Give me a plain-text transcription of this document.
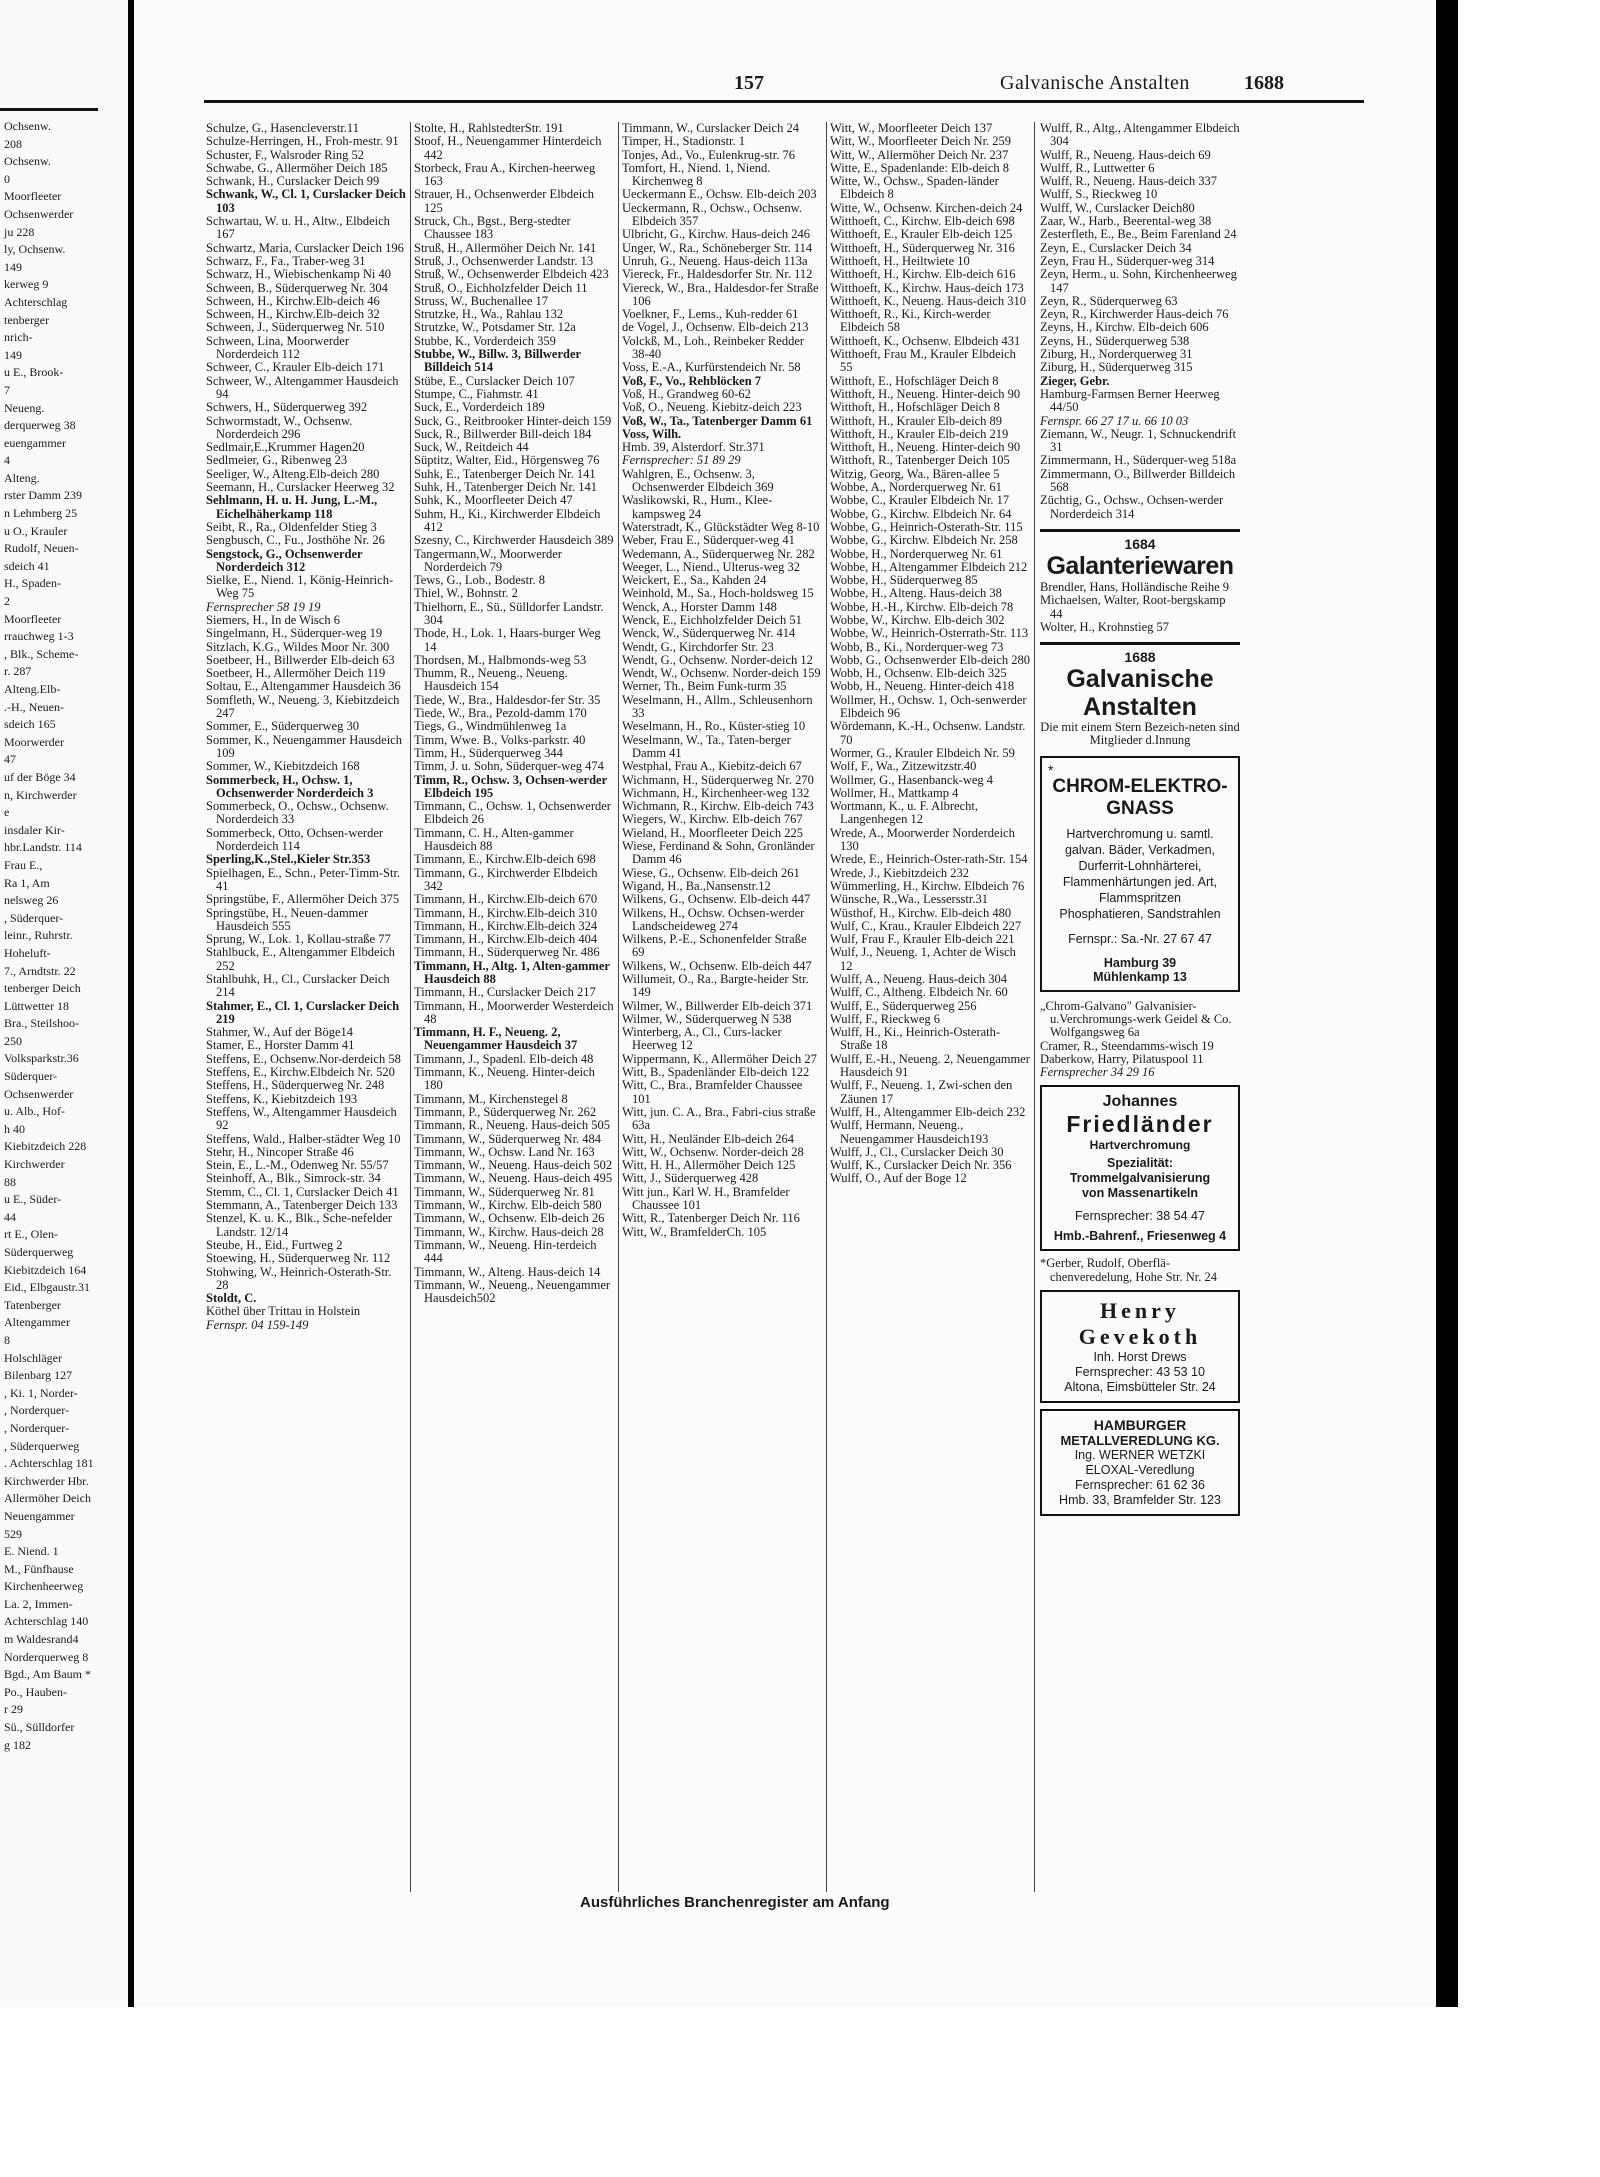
Ochsenw.
208
Ochsenw.
0
Moorfleeter
Ochsenwerder
ju 228
ly, Ochsenw.
149
kerweg 9
Achterschlag
tenberger
nrich-
149
u E., Brook-
7
Neueng.
derquerweg 38
euengammer
4
Alteng.
rster Damm 239
n Lehmberg 25
u O., Krauler
Rudolf, Neuen-
sdeich 41
H., Spaden-
2
Moorfleeter
rrauchweg 1-3
, Blk., Scheme-
r. 287
Alteng.Elb-
.-H., Neuen-
sdeich 165
Moorwerder
47
uf der Böge 34
n, Kirchwerder
e
insdaler Kir-
hbr.Landstr. 114
Frau E.,
Ra 1, Am
nelsweg 26
, Süderquer-
leinr., Ruhrstr.
Hoheluft-
7., Arndtstr. 22
tenberger Deich
Lüttwetter 18
Bra., Steilshoo-
250
Volksparkstr.36
Süderquer-
Ochsenwerder
u. Alb., Hof-
h 40
Kiebitzdeich 228
Kirchwerder
88
u E., Süder-
44
rt E., Olen-
Süderquerweg
Kiebitzdeich 164
Eid., Elbgaustr.31
Tatenberger
Altengammer
8
Holschläger
Bilenbarg 127
, Ki. 1, Norder-
, Norderquer-
, Norderquer-
, Süderquerweg
. Achterschlag 181
Kirchwerder Hbr.
Allermöher Deich
Neuengammer
529
E. Niend. 1
M., Fünfhause
Kirchenheerweg
La. 2, Immen-
Achterschlag 140
m Waldesrand4
Norderquerweg 8
Bgd., Am Baum *
Po., Hauben-
r 29
Sü., Sülldorfer
g 182
157	Galvanische Anstalten	1688
Schulze, G., Hasencleverstr.11
Schulze-Herringen, H., Froh-mestr. 91
Schuster, F., Walsroder Ring 52
Schwabe, G., Allermöher Deich 185
Schwank, H., Curslacker Deich 99
Schwank, W., Cl. 1, Curslacker Deich 103
Schwartau, W. u. H., Altw., Elbdeich 167
Schwartz, Maria, Curslacker Deich 196
Schwarz, F., Fa., Traber-weg 31
Schwarz, H., Wiebischenkamp Ni 40
Schween, B., Süderquerweg Nr. 304
Schween, H., Kirchw.Elb-deich 46
Schween, H., Kirchw.Elb-deich 32
Schween, J., Süderquerweg Nr. 510
Schween, Lina, Moorwerder Norderdeich 112
Schweer, C., Krauler Elb-deich 171
Schweer, W., Altengammer Hausdeich 94
Schwers, H., Süderquerweg 392
Schwormstadt, W., Ochsenw. Norderdeich 296
Sedlmair,E.,Krummer Hagen20
Sedlmeier, G., Ribenweg 23
Seeliger, W., Alteng.Elb-deich 280
Seemann, H., Curslacker Heerweg 32
Sehlmann, H. u. H. Jung, L.-M., Eichelhäherkamp 118
Seibt, R., Ra., Oldenfelder Stieg 3
Sengbusch, C., Fu., Josthöhe Nr. 26
Sengstock, G., Ochsenwerder Norderdeich 312
Sielke, E., Niend. 1, König-Heinrich-Weg 75
Fernsprecher 58 19 19
Siemers, H., In de Wisch 6
Singelmann, H., Süderquer-weg 19
Sitzlach, K.G., Wildes Moor Nr. 300
Soetbeer, H., Billwerder Elb-deich 63
Soetbeer, H., Allermöher Deich 119
Soltau, E., Altengammer Hausdeich 36
Somfleth, W., Neueng. 3, Kiebitzdeich 247
Sommer, E., Süderquerweg 30
Sommer, K., Neuengammer Hausdeich 109
Sommer, W., Kiebitzdeich 168
Sommerbeck, H., Ochsw. 1, Ochsenwerder Norderdeich 3
Sommerbeck, O., Ochsw., Ochsenw. Norderdeich 33
Sommerbeck, Otto, Ochsen-werder Norderdeich 114
Sperling,K.,Stel.,Kieler Str.353
Spielhagen, E., Schn., Peter-Timm-Str. 41
Springstübe, F., Allermöher Deich 375
Springstübe, H., Neuen-dammer Hausdeich 555
Sprung, W., Lok. 1, Kollau-straße 77
Stahlbuck, E., Altengammer Elbdeich 252
Stahlbuhk, H., Cl., Curslacker Deich 214
Stahmer, E., Cl. 1, Curslacker Deich 219
Stahmer, W., Auf der Böge14
Stamer, E., Horster Damm 41
Steffens, E., Ochsenw.Nor-derdeich 58
Steffens, E., Kirchw.Elbdeich Nr. 520
Steffens, H., Süderquerweg Nr. 248
Steffens, K., Kiebitzdeich 193
Steffens, W., Altengammer Hausdeich 92
Steffens, Wald., Halber-städter Weg 10
Stehr, H., Nincoper Straße 46
Stein, E., L.-M., Odenweg Nr. 55/57
Steinhoff, A., Blk., Simrock-str. 34
Stemm, C., Cl. 1, Curslacker Deich 41
Stemmann, A., Tatenberger Deich 133
Stenzel, K. u. K., Blk., Sche-nefelder Landstr. 12/14
Steube, H., Eid., Furtweg 2
Stoewing, H., Süderquerweg Nr. 112
Stohwing, W., Heinrich-Osterath-Str. 28
Stoldt, C.
Köthel über Trittau in Holstein
Fernspr. 04 159-149
Stolte, H., RahlstedterStr. 191
Stoof, H., Neuengammer Hinterdeich 442
Storbeck, Frau A., Kirchen-heerweg 163
Strauer, H., Ochsenwerder Elbdeich 125
Struck, Ch., Bgst., Berg-stedter Chaussee 183
Struß, H., Allermöher Deich Nr. 141
Struß, J., Ochsenwerder Landstr. 13
Struß, W., Ochsenwerder Elbdeich 423
Struß, O., Eichholzfelder Deich 11
Struss, W., Buchenallee 17
Strutzke, H., Wa., Rahlau 132
Strutzke, W., Potsdamer Str. 12a
Stubbe, K., Vorderdeich 359
Stubbe, W., Billw. 3, Billwerder Billdeich 514
Stübe, E., Curslacker Deich 107
Stumpe, C., Fiahmstr. 41
Suck, E., Vorderdeich 189
Suck, G., Reitbrooker Hinter-deich 159
Suck, R., Billwerder Bill-deich 184
Suck, W., Reitdeich 44
Süptitz, Walter, Eid., Hörgensweg 76
Suhk, E., Tatenberger Deich Nr. 141
Suhk, H., Tatenberger Deich Nr. 141
Suhk, K., Moorfleeter Deich 47
Suhm, H., Ki., Kirchwerder Elbdeich 412
Szesny, C., Kirchwerder Hausdeich 389
Tangermann,W., Moorwerder Norderdeich 79
Tews, G., Lob., Bodestr. 8
Thiel, W., Bohnstr. 2
Thielhorn, E., Sü., Sülldorfer Landstr. 304
Thode, H., Lok. 1, Haars-burger Weg 14
Thordsen, M., Halbmonds-weg 53
Thumm, R., Neueng., Neueng. Hausdeich 154
Tiede, W., Bra., Haldesdor-fer Str. 35
Tiede, W., Bra., Pezold-damm 170
Tiegs, G., Windmühlenweg 1a
Timm, Wwe. B., Volks-parkstr. 40
Timm, H., Süderquerweg 344
Timm, J. u. Sohn, Süderquer-weg 474
Timm, R., Ochsw. 3, Ochsen-werder Elbdeich 195
Timmann, C., Ochsw. 1, Ochsenwerder Elbdeich 26
Timmann, C. H., Alten-gammer Hausdeich 88
Timmann, E., Kirchw.Elb-deich 698
Timmann, G., Kirchwerder Elbdeich 342
Timmann, H., Kirchw.Elb-deich 670
Timmann, H., Kirchw.Elb-deich 310
Timmann, H., Kirchw.Elb-deich 324
Timmann, H., Kirchw.Elb-deich 404
Timmann, H., Süderquerweg Nr. 486
Timmann, H., Altg. 1, Alten-gammer Hausdeich 88
Timmann, H., Curslacker Deich 217
Timmann, H., Moorwerder Westerdeich 48
Timmann, H. F., Neueng. 2, Neuengammer Hausdeich 37
Timmann, J., Spadenl. Elb-deich 48
Timmann, K., Neueng. Hinter-deich 180
Timmann, M., Kirchenstegel 8
Timmann, P., Süderquerweg Nr. 262
Timmann, R., Neueng. Haus-deich 505
Timmann, W., Süderquerweg Nr. 484
Timmann, W., Ochsw. Land Nr. 163
Timmann, W., Neueng. Haus-deich 502
Timmann, W., Neueng. Haus-deich 495
Timmann, W., Süderquerweg Nr. 81
Timmann, W., Kirchw. Elb-deich 580
Timmann, W., Ochsenw. Elb-deich 26
Timmann, W., Kirchw. Haus-deich 28
Timmann, W., Neueng. Hin-terdeich 444
Timmann, W., Alteng. Haus-deich 14
Timmann, W., Neueng., Neuengammer Hausdeich502
Timmann, W., Curslacker Deich 24
Timper, H., Stadionstr. 1
Tonjes, Ad., Vo., Eulenkrug-str. 76
Tomfort, H., Niend. 1, Niend. Kirchenweg 8
Ueckermann E., Ochsw. Elb-deich 203
Ueckermann, R., Ochsw., Ochsenw. Elbdeich 357
Ulbricht, G., Kirchw. Haus-deich 246
Unger, W., Ra., Schöneberger Str. 114
Unruh, G., Neueng. Haus-deich 113a
Viereck, Fr., Haldesdorfer Str. Nr. 112
Viereck, W., Bra., Haldesdor-fer Straße 106
Voelkner, F., Lems., Kuh-redder 61
de Vogel, J., Ochsenw. Elb-deich 213
Volckß, M., Loh., Reinbeker Redder 38-40
Voss, E.-A., Kurfürstendeich Nr. 58
Voß, F., Vo., Rehblöcken 7
Voß, H., Grandweg 60-62
Voß, O., Neueng. Kiebitz-deich 223
Voß, W., Ta., Tatenberger Damm 61
Voss, Wilh.
Hmb. 39, Alsterdorf. Str.371
Fernsprecher: 51 89 29
Wahlgren, E., Ochsenw. 3, Ochsenwerder Elbdeich 369
Waslikowski, R., Hum., Klee-kampsweg 24
Waterstradt, K., Glückstädter Weg 8-10
Weber, Frau E., Süderquer-weg 41
Wedemann, A., Süderquerweg Nr. 282
Weeger, L., Niend., Ulterus-weg 32
Weickert, E., Sa., Kahden 24
Weinhold, M., Sa., Hoch-holdsweg 15
Wenck, A., Horster Damm 148
Wenck, E., Eichholzfelder Deich 51
Wenck, W., Süderquerweg Nr. 414
Wendt, G., Kirchdorfer Str. 23
Wendt, G., Ochsenw. Norder-deich 12
Wendt, W., Ochsenw. Norder-deich 159
Werner, Th., Beim Funk-turm 35
Weselmann, H., Allm., Schleusenhorn 33
Weselmann, H., Ro., Küster-stieg 10
Weselmann, W., Ta., Taten-berger Damm 41
Westphal, Frau A., Kiebitz-deich 67
Wichmann, H., Süderquerweg Nr. 270
Wichmann, H., Kirchenheer-weg 132
Wichmann, R., Kirchw. Elb-deich 743
Wiegers, W., Kirchw. Elb-deich 767
Wieland, H., Moorfleeter Deich 225
Wiese, Ferdinand & Sohn, Gronländer Damm 46
Wiese, G., Ochsenw. Elb-deich 261
Wigand, H., Ba.,Nansenstr.12
Wilkens, G., Ochsenw. Elb-deich 447
Wilkens, H., Ochsw. Ochsen-werder Landscheideweg 274
Wilkens, P.-E., Schonenfelder Straße 69
Wilkens, W., Ochsenw. Elb-deich 447
Willumeit, O., Ra., Bargte-heider Str. 149
Wilmer, W., Billwerder Elb-deich 371
Wilmer, W., Süderquerweg N 538
Winterberg, A., Cl., Curs-lacker Heerweg 12
Wippermann, K., Allermöher Deich 27
Witt, B., Spadenländer Elb-deich 122
Witt, C., Bra., Bramfelder Chaussee 101
Witt, jun. C. A., Bra., Fabri-cius straße 63a
Witt, H., Neuländer Elb-deich 264
Witt, W., Ochsenw. Norder-deich 28
Witt, H. H., Allermöher Deich 125
Witt, J., Süderquerweg 428
Witt jun., Karl W. H., Bramfelder Chaussee 101
Witt, R., Tatenberger Deich Nr. 116
Witt, W., BramfelderCh. 105
Witt, W., Moorfleeter Deich 137
Witt, W., Moorfleeter Deich Nr. 259
Witt, W., Allermöher Deich Nr. 237
Witte, E., Spadenlande: Elb-deich 8
Witte, W., Ochsw., Spaden-länder Elbdeich 8
Witte, W., Ochsenw. Kirchen-deich 24
Witthoeft, C., Kirchw. Elb-deich 698
Witthoeft, E., Krauler Elb-deich 125
Witthoeft, H., Süderquerweg Nr. 316
Witthoeft, H., Heiltwiete 10
Witthoeft, H., Kirchw. Elb-deich 616
Witthoeft, K., Kirchw. Haus-deich 173
Witthoeft, K., Neueng. Haus-deich 310
Witthoeft, R., Ki., Kirch-werder Elbdeich 58
Witthoeft, K., Ochsenw. Elbdeich 431
Witthoeft, Frau M., Krauler Elbdeich 55
Witthoft, E., Hofschläger Deich 8
Witthoft, H., Neueng. Hinter-deich 90
Witthoft, H., Hofschläger Deich 8
Witthoft, H., Krauler Elb-deich 89
Witthoft, H., Krauler Elb-deich 219
Witthoft, H., Neueng. Hinter-deich 90
Witthoft, R., Tatenberger Deich 105
Witzig, Georg, Wa., Bären-allee 5
Wobbe, A., Norderquerweg Nr. 61
Wobbe, C., Krauler Elbdeich Nr. 17
Wobbe, G., Kirchw. Elbdeich Nr. 64
Wobbe, G., Heinrich-Osterath-Str. 115
Wobbe, G., Kirchw. Elbdeich Nr. 258
Wobbe, H., Norderquerweg Nr. 61
Wobbe, H., Altengammer Elbdeich 212
Wobbe, H., Süderquerweg 85
Wobbe, H., Alteng. Haus-deich 38
Wobbe, H.-H., Kirchw. Elb-deich 78
Wobbe, W., Kirchw. Elb-deich 302
Wobbe, W., Heinrich-Osterrath-Str. 113
Wobb, B., Ki., Norderquer-weg 73
Wobb, G., Ochsenwerder Elb-deich 280
Wobb, H., Ochsenw. Elb-deich 325
Wobb, H., Neueng. Hinter-deich 418
Wollmer, H., Ochsw. 1, Och-senwerder Elbdeich 96
Wördemann, K.-H., Ochsenw. Landstr. 70
Wormer, G., Krauler Elbdeich Nr. 59
Wolf, F., Wa., Zitzewitzstr.40
Wollmer, G., Hasenbanck-weg 4
Wollmer, H., Mattkamp 4
Wortmann, K., u. F. Albrecht, Langenhegen 12
Wrede, A., Moorwerder Norderdeich 130
Wrede, E., Heinrich-Oster-rath-Str. 154
Wrede, J., Kiebitzdeich 232
Wümmerling, H., Kirchw. Elbdeich 76
Wünsche, R.,Wa., Lessersstr.31
Wüsthof, H., Kirchw. Elb-deich 480
Wulf, C., Krau., Krauler Elbdeich 227
Wulf, Frau F., Krauler Elb-deich 221
Wulf, J., Neueng. 1, Achter de Wisch 12
Wulff, A., Neueng. Haus-deich 304
Wulff, C., Altheng. Elbdeich Nr. 60
Wulff, E., Süderquerweg 256
Wulff, F., Rieckweg 6
Wulff, H., Ki., Heinrich-Osterath-Straße 18
Wulff, E.-H., Neueng. 2, Neuengammer Hausdeich 91
Wulff, F., Neueng. 1, Zwi-schen den Zäunen 17
Wulff, H., Altengammer Elb-deich 232
Wulff, Hermann, Neueng., Neuengammer Hausdeich193
Wulff, J., Cl., Curslacker Deich 30
Wulff, K., Curslacker Deich Nr. 356
Wulff, O., Auf der Boge 12
Wulff, R., Altg., Altengammer Elbdeich 304
Wulff, R., Neueng. Haus-deich 69
Wulff, R., Luttwetter 6
Wulff, R., Neueng. Haus-deich 337
Wulff, S., Rieckweg 10
Wulff, W., Curslacker Deich80
Zaar, W., Harb., Beerental-weg 38
Zesterfleth, E., Be., Beim Farenland 24
Zeyn, E., Curslacker Deich 34
Zeyn, Frau H., Süderquer-weg 314
Zeyn, Herm., u. Sohn, Kirchenheerweg 147
Zeyn, R., Süderquerweg 63
Zeyn, R., Kirchwerder Haus-deich 76
Zeyns, H., Kirchw. Elb-deich 606
Zeyns, H., Süderquerweg 538
Ziburg, H., Norderquerweg 31
Ziburg, H., Süderquerweg 315
Zieger, Gebr.
Hamburg-Farmsen Berner Heerweg 44/50
Fernspr. 66 27 17 u. 66 10 03
Ziemann, W., Neugr. 1, Schnuckendrift 31
Zimmermann, H., Süderquer-weg 518a
Zimmermann, O., Billwerder Billdeich 568
Züchtig, G., Ochsw., Ochsen-werder Norderdeich 314
1684
Galanteriewaren
Brendler, Hans, Holländische Reihe 9
Michaelsen, Walter, Root-bergskamp 44
Wolter, H., Krohnstieg 57
1688
Galvanische
Anstalten
Die mit einem Stern Bezeich-neten sind Mitglieder d.Innung
*
CHROM-ELEKTRO-
GNASS
Hartverchromung u. samtl.
galvan. Bäder, Verkadmen,
Durferrit-Lohnhärterei,
Flammenhärtungen jed. Art,
Flammspritzen
Phosphatieren, Sandstrahlen
Fernspr.: Sa.-Nr. 27 67 47
Hamburg 39
Mühlenkamp 13
„Chrom-Galvano" Galvanisier-u.Verchromungs-werk Geidel & Co. Wolfgangsweg 6a
Cramer, R., Steendamms-wisch 19
Daberkow, Harry, Pilatuspool 11
Fernsprecher 34 29 16
Johannes
Friedländer
Hartverchromung
Spezialität:
Trommelgalvanisierung
von Massenartikeln
Fernsprecher: 38 54 47
Hmb.-Bahrenf., Friesenweg 4
*Gerber, Rudolf, Oberflä-chenveredelung, Hohe Str. Nr. 24
Henry
Gevekoth
Inh. Horst Drews
Fernsprecher: 43 53 10
Altona, Eimsbütteler Str. 24
HAMBURGER
METALLVEREDLUNG KG.
Ing. WERNER WETZKI
ELOXAL-Veredlung
Fernsprecher: 61 62 36
Hmb. 33, Bramfelder Str. 123
Ausführliches Branchenregister am Anfang
